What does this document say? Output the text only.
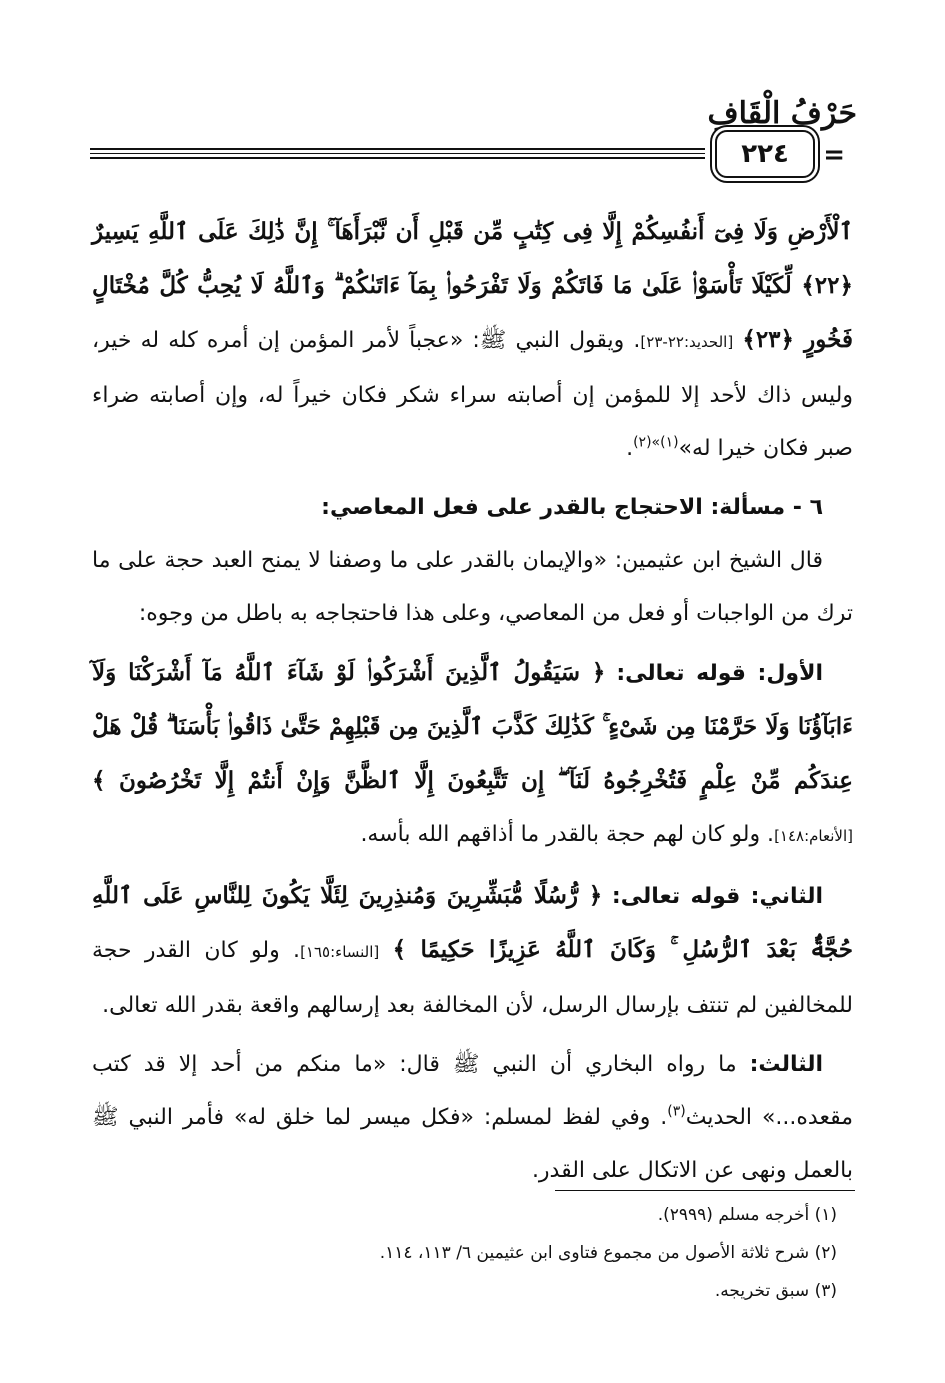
حَرْفُ الْقَافِ
٢٢٤	=

ٱلْأَرْضِ وَلَا فِىٓ أَنفُسِكُمْ إِلَّا فِى كِتَٰبٍ مِّن قَبْلِ أَن نَّبْرَأَهَآ ۚ إِنَّ ذَٰلِكَ عَلَى ٱللَّهِ يَسِيرٌ ﴿٢٢﴾ لِّكَيْلَا تَأْسَوْا۟ عَلَىٰ مَا فَاتَكُمْ وَلَا تَفْرَحُوا۟ بِمَآ ءَاتَىٰكُمْ ۗ وَٱللَّهُ لَا يُحِبُّ كُلَّ مُخْتَالٍ فَخُورٍ ﴿٢٣﴾ [الحديد:٢٢-٢٣]. ويقول النبي ﷺ: «عجباً لأمر المؤمن إن أمره كله له خير، وليس ذاك لأحد إلا للمؤمن إن أصابته سراء شكر فكان خيراً له، وإن أصابته ضراء صبر فكان خيرا له»$^{(١)»(٢)}$.

٦ - مسألة: الاحتجاج بالقدر على فعل المعاصي:

قال الشيخ ابن عثيمين: «والإيمان بالقدر على ما وصفنا لا يمنح العبد حجة على ما ترك من الواجبات أو فعل من المعاصي، وعلى هذا فاحتجاجه به باطل من وجوه:

الأول: قوله تعالى: ﴿ سَيَقُولُ ٱلَّذِينَ أَشْرَكُوا۟ لَوْ شَآءَ ٱللَّهُ مَآ أَشْرَكْنَا وَلَآ ءَابَآؤُنَا وَلَا حَرَّمْنَا مِن شَىْءٍ ۚ كَذَٰلِكَ كَذَّبَ ٱلَّذِينَ مِن قَبْلِهِمْ حَتَّىٰ ذَاقُوا۟ بَأْسَنَا ۗ قُلْ هَلْ عِندَكُم مِّنْ عِلْمٍ فَتُخْرِجُوهُ لَنَآ ۖ إِن تَتَّبِعُونَ إِلَّا ٱلظَّنَّ وَإِنْ أَنتُمْ إِلَّا تَخْرُصُونَ ﴾ [الأنعام:١٤٨]. ولو كان لهم حجة بالقدر ما أذاقهم الله بأسه.

الثاني: قوله تعالى: ﴿ رُّسُلًا مُّبَشِّرِينَ وَمُنذِرِينَ لِئَلَّا يَكُونَ لِلنَّاسِ عَلَى ٱللَّهِ حُجَّةٌۢ بَعْدَ ٱلرُّسُلِ ۚ وَكَانَ ٱللَّهُ عَزِيزًا حَكِيمًا ﴾ [النساء:١٦٥]. ولو كان القدر حجة للمخالفين لم تنتف بإرسال الرسل، لأن المخالفة بعد إرسالهم واقعة بقدر الله تعالى.

الثالث: ما رواه البخاري أن النبي ﷺ قال: «ما منكم من أحد إلا قد كتب مقعده...» الحديث$^{(٣)}$. وفي لفظ لمسلم: «فكل ميسر لما خلق له» فأمر النبي ﷺ بالعمل ونهى عن الاتكال على القدر.

(١) أخرجه مسلم (٢٩٩٩).
(٢) شرح ثلاثة الأصول من مجموع فتاوى ابن عثيمين ٦/ ١١٣، ١١٤.
(٣) سبق تخريجه.
